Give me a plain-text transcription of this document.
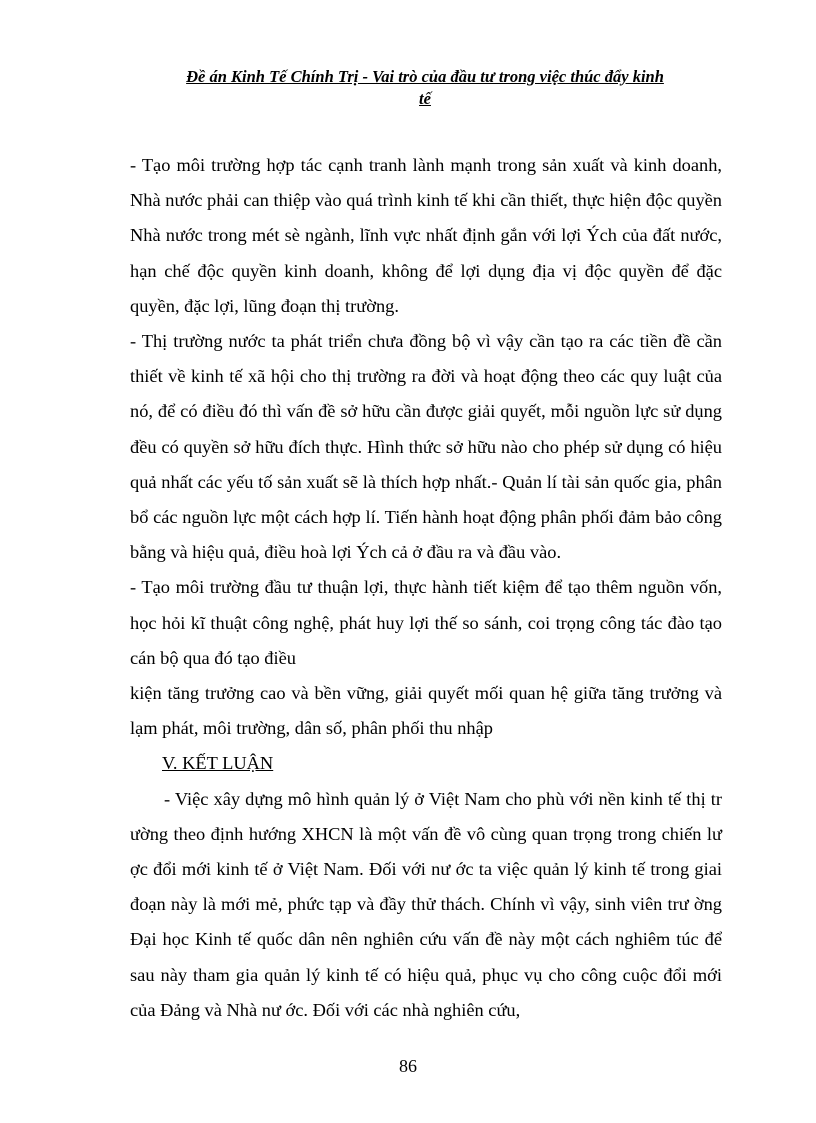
Đề án Kinh Tế Chính Trị - Vai trò của đầu tư trong việc thúc đẩy kinh
tế

- Tạo môi trường hợp tác cạnh tranh lành mạnh trong sản xuất và kinh doanh, Nhà nước phải can thiệp vào quá trình kinh tế khi cần thiết, thực hiện độc quyền Nhà nước trong mét sè ngành, lĩnh vực nhất định gắn với lợi Ých của đất nước, hạn chế độc quyền kinh doanh, không để lợi dụng địa vị độc quyền để đặc quyền, đặc lợi, lũng đoạn thị trường.

- Thị trường nước ta phát triển chưa đồng bộ vì vậy cần tạo ra các tiền đề cần thiết về kinh tế xã hội cho thị trường ra đời và hoạt động theo các quy luật của nó, để có điều đó thì vấn đề sở hữu cần được giải quyết, mỗi nguồn lực sử dụng đều có quyền sở hữu đích thực. Hình thức sở hữu nào cho phép sử dụng có hiệu quả nhất các yếu tố sản xuất sẽ là thích hợp nhất.- Quản lí tài sản quốc gia, phân bổ các nguồn lực một cách hợp lí. Tiến hành hoạt động phân phối đảm bảo công bằng và hiệu quả, điều hoà lợi Ých cả ở đầu ra và đầu vào.

- Tạo môi trường đầu tư thuận lợi, thực hành tiết kiệm để tạo thêm nguồn vốn, học hỏi kĩ thuật công nghệ, phát huy lợi thế so sánh, coi trọng công tác đào tạo cán bộ qua đó tạo điều

kiện tăng trưởng cao và bền vững, giải quyết mối quan hệ giữa tăng trưởng và lạm phát, môi trường, dân số, phân phối thu nhập

V. KẾT LUẬN

- Việc xây dựng mô hình quản lý ở Việt Nam cho phù với nền kinh tế thị tr ường theo định hướng XHCN là một vấn đề vô cùng quan trọng trong chiến lư ợc đổi mới kinh tế ở Việt Nam. Đối với nư ớc ta việc quản lý kinh tế trong giai đoạn này là mới mẻ, phức tạp và đầy thử thách. Chính vì vậy, sinh viên trư ờng Đại học Kinh tế quốc dân nên nghiên cứu vấn đề này một cách nghiêm túc để sau này tham gia quản lý kinh tế có hiệu quả, phục vụ cho công cuộc đổi mới của Đảng và Nhà nư ớc. Đối với các nhà nghiên cứu,

86
